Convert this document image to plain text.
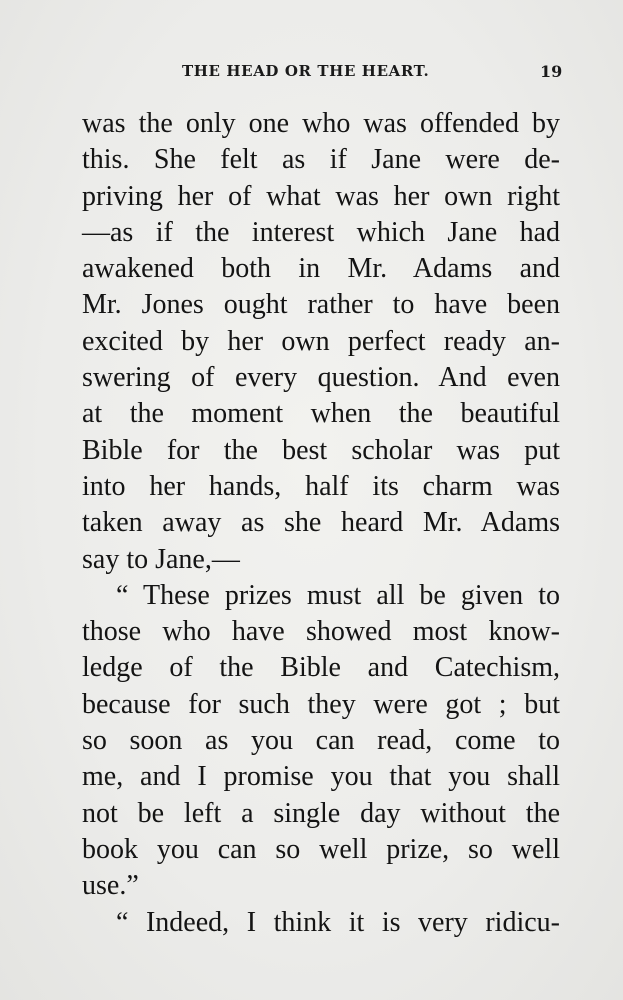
THE HEAD OR THE HEART.	19
was the only one who was offended by
this. She felt as if Jane were de-
priving her of what was her own right
—as if the interest which Jane had
awakened both in Mr. Adams and
Mr. Jones ought rather to have been
excited by her own perfect ready an-
swering of every question. And even
at the moment when the beautiful
Bible for the best scholar was put
into her hands, half its charm was
taken away as she heard Mr. Adams
say to Jane,—
“ These prizes must all be given to
those who have showed most know-
ledge of the Bible and Catechism,
because for such they were got ; but
so soon as you can read, come to
me, and I promise you that you shall
not be left a single day without the
book you can so well prize, so well
use.”
“ Indeed, I think it is very ridicu-
